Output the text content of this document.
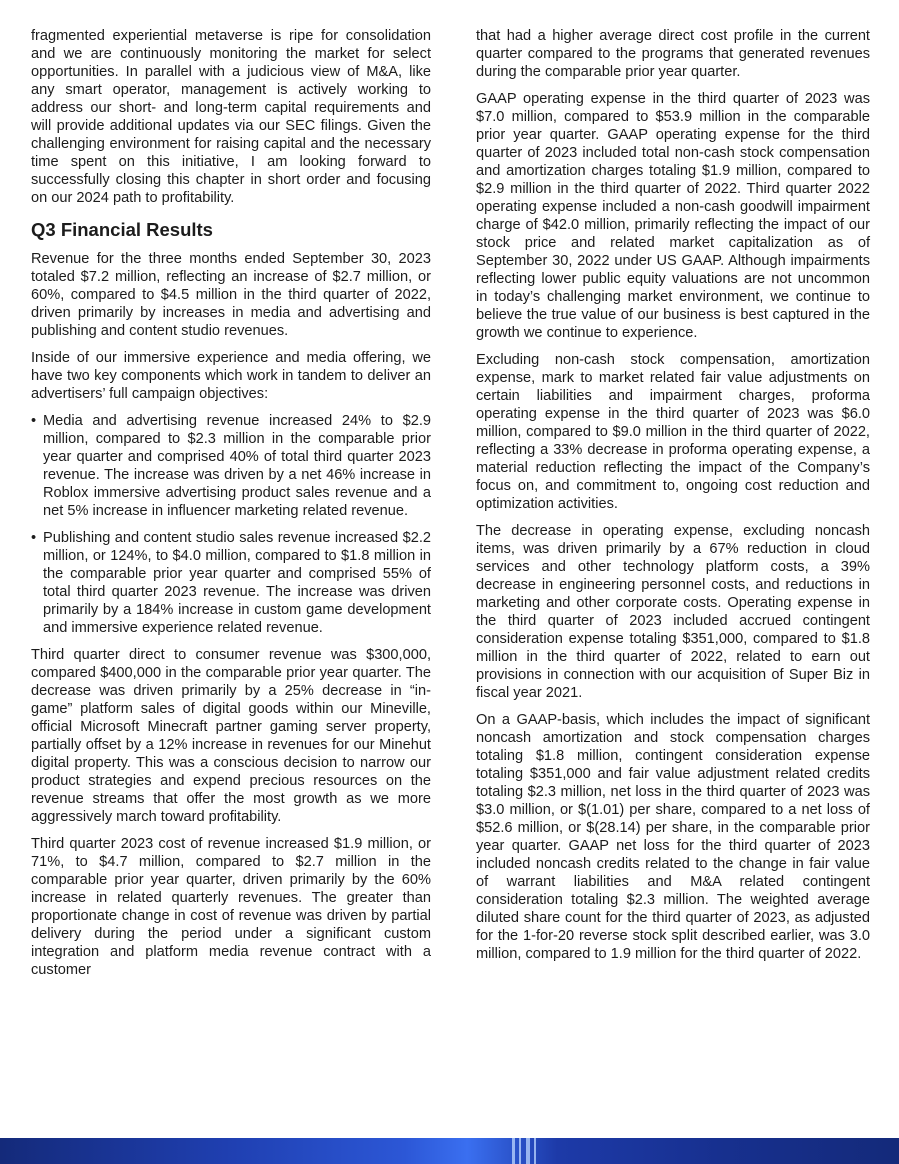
fragmented experiential metaverse is ripe for consolidation and we are continuously monitoring the market for select opportunities. In parallel with a judicious view of M&A, like any smart operator, management is actively working to address our short- and long-term capital requirements and will provide additional updates via our SEC filings. Given the challenging environment for raising capital and the necessary time spent on this initiative, I am looking forward to successfully closing this chapter in short order and focusing on our 2024 path to profitability.

Q3 Financial Results

Revenue for the three months ended September 30, 2023 totaled $7.2 million, reflecting an increase of $2.7 million, or 60%, compared to $4.5 million in the third quarter of 2022, driven primarily by increases in media and advertising and publishing and content studio revenues.

Inside of our immersive experience and media offering, we have two key components which work in tandem to deliver an advertisers’ full campaign objectives:

• Media and advertising revenue increased 24% to $2.9 million, compared to $2.3 million in the comparable prior year quarter and comprised 40% of total third quarter 2023 revenue. The increase was driven by a net 46% increase in Roblox immersive advertising product sales revenue and a net 5% increase in influencer marketing related revenue.
• Publishing and content studio sales revenue increased $2.2 million, or 124%, to $4.0 million, compared to $1.8 million in the comparable prior year quarter and comprised 55% of total third quarter 2023 revenue. The increase was driven primarily by a 184% increase in custom game development and immersive experience related revenue.

Third quarter direct to consumer revenue was $300,000, compared $400,000 in the comparable prior year quarter. The decrease was driven primarily by a 25% decrease in “in-game” platform sales of digital goods within our Mineville, official Microsoft Minecraft partner gaming server property, partially offset by a 12% increase in revenues for our Minehut digital property. This was a conscious decision to narrow our product strategies and expend precious resources on the revenue streams that offer the most growth as we more aggressively march toward profitability.

Third quarter 2023 cost of revenue increased $1.9 million, or 71%, to $4.7 million, compared to $2.7 million in the comparable prior year quarter, driven primarily by the 60% increase in related quarterly revenues. The greater than proportionate change in cost of revenue was driven by partial delivery during the period under a significant custom integration and platform media revenue contract with a customer

that had a higher average direct cost profile in the current quarter compared to the programs that generated revenues during the comparable prior year quarter.

GAAP operating expense in the third quarter of 2023 was $7.0 million, compared to $53.9 million in the comparable prior year quarter. GAAP operating expense for the third quarter of 2023 included total non-cash stock compensation and amortization charges totaling $1.9 million, compared to $2.9 million in the third quarter of 2022. Third quarter 2022 operating expense included a non-cash goodwill impairment charge of $42.0 million, primarily reflecting the impact of our stock price and related market capitalization as of September 30, 2022 under US GAAP. Although impairments reflecting lower public equity valuations are not uncommon in today’s challenging market environment, we continue to believe the true value of our business is best captured in the growth we continue to experience.

Excluding non-cash stock compensation, amortization expense, mark to market related fair value adjustments on certain liabilities and impairment charges, proforma operating expense in the third quarter of 2023 was $6.0 million, compared to $9.0 million in the third quarter of 2022, reflecting a 33% decrease in proforma operating expense, a material reduction reflecting the impact of the Company’s focus on, and commitment to, ongoing cost reduction and optimization activities.

The decrease in operating expense, excluding noncash items, was driven primarily by a 67% reduction in cloud services and other technology platform costs, a 39% decrease in engineering personnel costs, and reductions in marketing and other corporate costs. Operating expense in the third quarter of 2023 included accrued contingent consideration expense totaling $351,000, compared to $1.8 million in the third quarter of 2022, related to earn out provisions in connection with our acquisition of Super Biz in fiscal year 2021.

On a GAAP-basis, which includes the impact of significant noncash amortization and stock compensation charges totaling $1.8 million, contingent consideration expense totaling $351,000 and fair value adjustment related credits totaling $2.3 million, net loss in the third quarter of 2023 was $3.0 million, or $(1.01) per share, compared to a net loss of $52.6 million, or $(28.14) per share, in the comparable prior year quarter. GAAP net loss for the third quarter of 2023 included noncash credits related to the change in fair value of warrant liabilities and M&A related contingent consideration totaling $2.3 million. The weighted average diluted share count for the third quarter of 2023, as adjusted for the 1-for-20 reverse stock split described earlier, was 3.0 million, compared to 1.9 million for the third quarter of 2022.
